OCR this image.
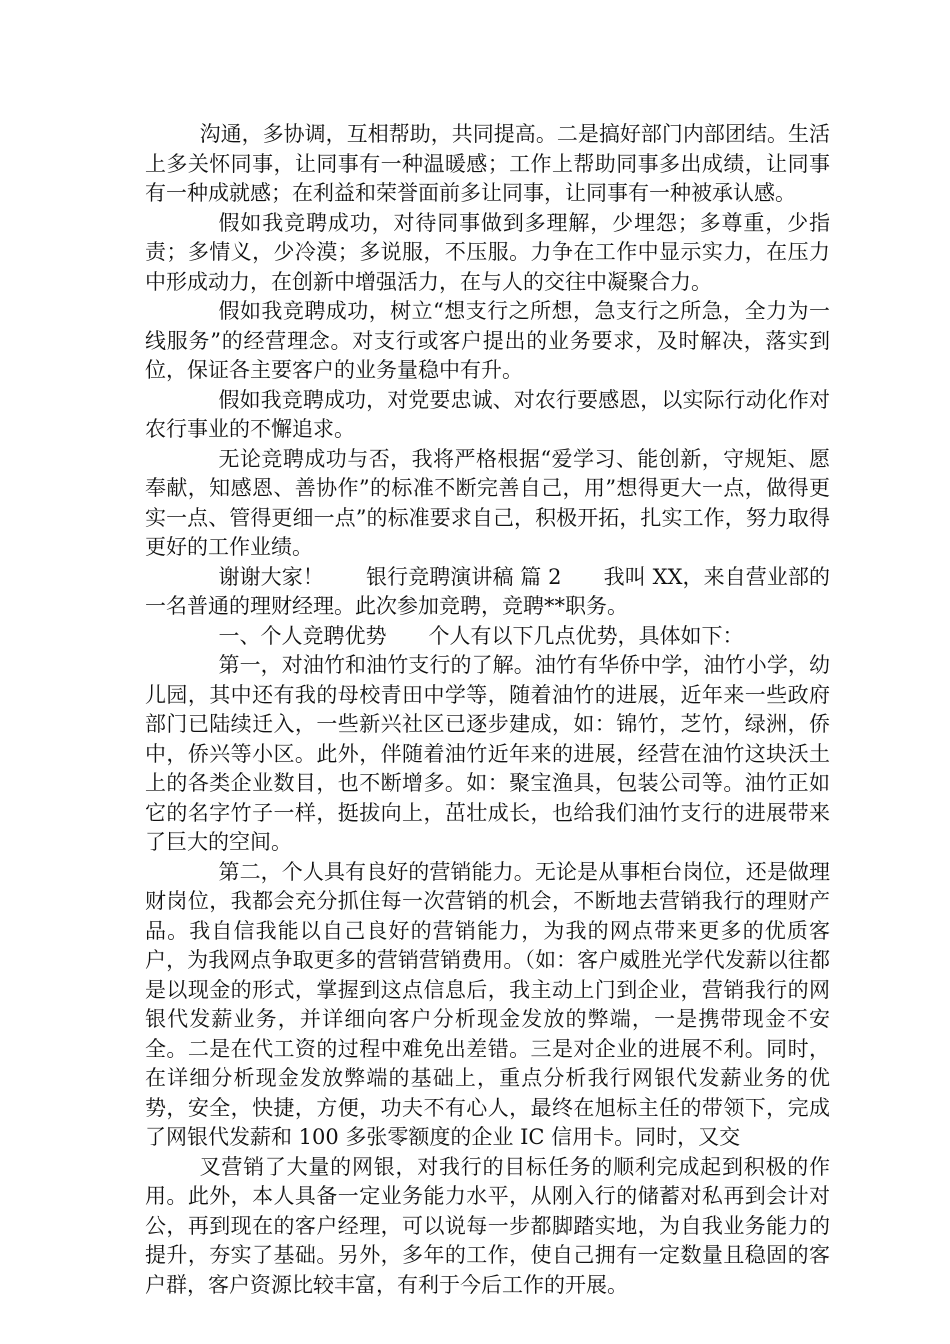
沟通，多协调，互相帮助，共同提高。二是搞好部门内部团结。生活上多关怀同事，让同事有一种温暖感；工作上帮助同事多出成绩，让同事有一种成就感；在利益和荣誉面前多让同事，让同事有一种被承认感。

假如我竞聘成功，对待同事做到多理解，少埋怨；多尊重，少指责；多情义，少冷漠；多说服，不压服。力争在工作中显示实力，在压力 中形成动力，在创新中增强活力，在与人的交往中凝聚合力。

假如我竞聘成功，树立“想支行之所想，急支行之所急，全力为一线服务”的经营理念。对支行或客户提出的业务要求，及时解决，落实到位，保证各主要客户的业务量稳中有升。

假如我竞聘成功，对党要忠诚、对农行要感恩，以实际行动化作对农行事业的不懈追求。

无论竞聘成功与否，我将严格根据“爱学习、能创新，守规矩、愿奉献，知感恩、善协作”的标准不断完善自己，用”想得更大一点，做得更实一点、管得更细一点”的标准要求自己，积极开拓，扎实工作，努力取得更好的工作业绩。

谢谢大家！　　银行竞聘演讲稿 篇 2　　我叫 XX，来自营业部的一名普通的理财经理。此次参加竞聘，竞聘**职务。

一、个人竞聘优势　　个人有以下几点优势，具体如下：

第一，对油竹和油竹支行的了解。油竹有华侨中学，油竹小学，幼儿园，其中还有我的母校青田中学等，随着油竹的进展，近年来一些政府部门已陆续迁入，一些新兴社区已逐步建成，如：锦竹，芝竹，绿洲，侨中，侨兴等小区。此外，伴随着油竹近年来的进展，经营在油竹这块沃土上的各类企业数目，也不断增多。如：聚宝渔具，包装公司等。油竹正如它的名字竹子一样，挺拔向上，茁壮成长，也给我们油竹支行的进展带来了巨大的空间。

第二，个人具有良好的营销能力。无论是从事柜台岗位，还是做理财岗位，我都会充分抓住每一次营销的机会，不断地去营销我行的理财产品。我自信我能以自己良好的营销能力，为我的网点带来更多的优质客户，为我网点争取更多的营销营销费用。（如：客户威胜光学代发薪以往都是以现金的形式，掌握到这点信息后，我主动上门到企业，营销我行的网银代发薪业务，并详细向客户分析现金发放的弊端，一是携带现金不安全。二是在代工资的过程中难免出差错。三是对企业的进展不利。同时，在详细分析现金发放弊端的基础上，重点分析我行网银代发薪业务的优势，安全，快捷，方便，功夫不有心人，最终在旭标主任的带领下，完成了网银代发薪和 100 多张零额度的企业 IC 信用卡。同时，又交

叉营销了大量的网银，对我行的目标任务的顺利完成起到积极的作用。此外，本人具备一定业务能力水平，从刚入行的储蓄对私再到会计对公，再到现在的客户经理，可以说每一步都脚踏实地，为自我业务能力的提升，夯实了基础。另外，多年的工作，使自己拥有一定数量且稳固的客户群，客户资源比较丰富，有利于今后工作的开展。
